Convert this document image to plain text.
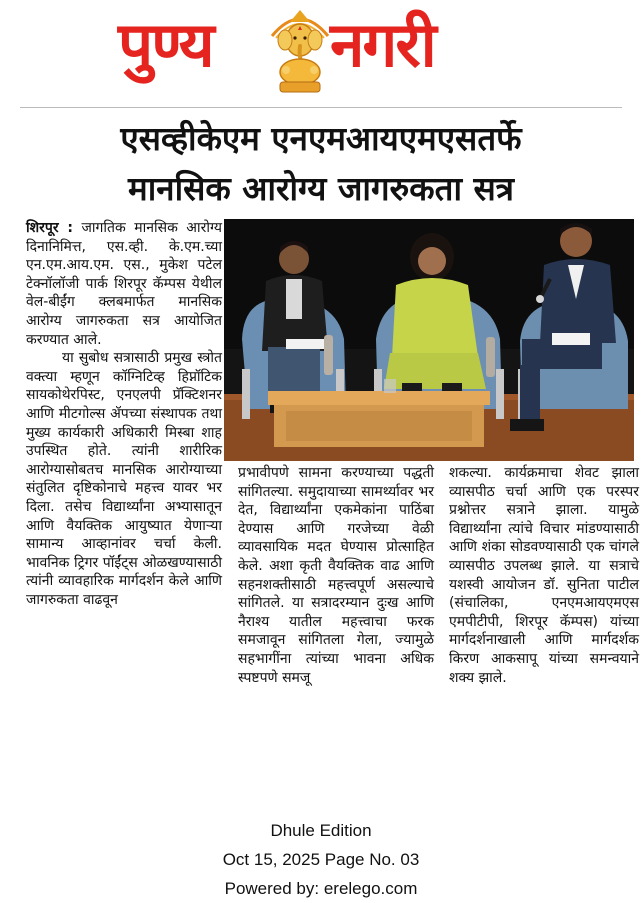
पुण्य नगरी
एसव्हीकेएम एनएमआयएमएसतर्फे
मानसिक आरोग्य जागरुकता सत्र

शिरपूर : जागतिक मानसिक आरोग्य दिनानिमित्त, एस.व्ही. के.एम.च्या एन.एम.आय.एम. एस., मुकेश पटेल टेक्नॉलॉजी पार्क शिरपूर कॅम्पस येथील वेल-बीईंग क्लबमार्फत मानसिक आरोग्य जागरुकता सत्र आयोजित करण्यात आले.

या सुबोध सत्रासाठी प्रमुख स्त्रोत वक्त्या म्हणून कॉग्निटिव्ह हिप्नॉटिक सायकोथेरपिस्ट, एनएलपी प्रॅक्टिशनर आणि मीटगोल्स ॲपच्या संस्थापक तथा मुख्य कार्यकारी अधिकारी मिस्बा शाह उपस्थित होते. त्यांनी शारीरिक आरोग्यासोबतच मानसिक आरोग्याच्या संतुलित दृष्टिकोनाचे महत्त्व यावर भर दिला. तसेच विद्यार्थ्यांना अभ्यासातून आणि वैयक्तिक आयुष्यात येणाऱ्या सामान्य आव्हानांवर चर्चा केली. भावनिक ट्रिगर पॉईंट्स ओळखण्यासाठी त्यांनी व्यावहारिक मार्गदर्शन केले आणि जागरुकता वाढवून

प्रभावीपणे सामना करण्याच्या पद्धती सांगितल्या. समुदायाच्या सामर्थ्यावर भर देत, विद्यार्थ्यांना एकमेकांना पाठिंबा देण्यास आणि गरजेच्या वेळी व्यावसायिक मदत घेण्यास प्रोत्साहित केले. अशा कृती वैयक्तिक वाढ आणि सहनशक्तीसाठी महत्त्वपूर्ण असल्याचे सांगितले. या सत्रादरम्यान दुःख आणि नैराश्य यातील महत्त्वाचा फरक समजावून सांगितला गेला, ज्यामुळे सहभागींना त्यांच्या भावना अधिक स्पष्टपणे समजू
शकल्या. कार्यक्रमाचा शेवट झाला व्यासपीठ चर्चा आणि एक परस्पर प्रश्नोत्तर सत्राने झाला. यामुळे विद्यार्थ्यांना त्यांचे विचार मांडण्यासाठी आणि शंका सोडवण्यासाठी एक चांगले व्यासपीठ उपलब्ध झाले. या सत्राचे यशस्वी आयोजन डॉ. सुनिता पाटील (संचालिका, एनएमआयएमएस एमपीटीपी, शिरपूर कॅम्पस) यांच्या मार्गदर्शनाखाली आणि मार्गदर्शक किरण आकसापू यांच्या समन्वयाने शक्य झाले.
Dhule Edition
Oct 15, 2025 Page No. 03
Powered by: erelego.com
